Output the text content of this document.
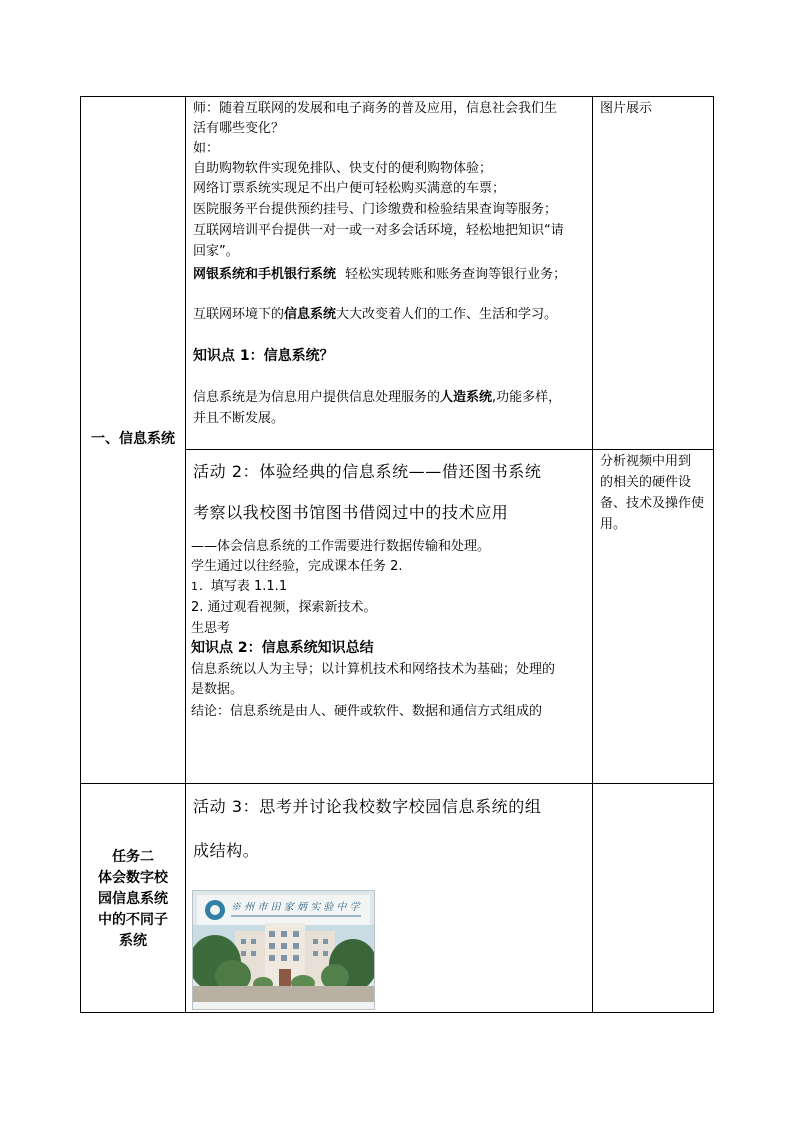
一、信息系统
师：随着互联网的发展和电子商务的普及应用，信息社会我们生
活有哪些变化？
如：
自助购物软件实现免排队、快支付的便利购物体验；
网络订票系统实现足不出户便可轻松购买满意的车票；
医院服务平台提供预约挂号、门诊缴费和检验结果查询等服务；
互联网培训平台提供一对一或一对多会话环境，轻松地把知识“请
回家”。
网银系统和手机银行系统 轻松实现转账和账务查询等银行业务；
互联网环境下的信息系统大大改变着人们的工作、生活和学习。
知识点 1：信息系统？
信息系统是为信息用户提供信息处理服务的人造系统,功能多样，
并且不断发展。
图片展示
活动 2：体验经典的信息系统——借还图书系统
考察以我校图书馆图书借阅过中的技术应用
——体会信息系统的工作需要进行数据传输和处理。
学生通过以往经验，完成课本任务 2.
1. 填写表 1.1.1
2. 通过观看视频，探索新技术。
生思考
知识点 2：信息系统知识总结
信息系统以人为主导；以计算机技术和网络技术为基础；处理的
是数据。
结论：信息系统是由人、硬件或软件、数据和通信方式组成的
分析视频中用到
的相关的硬件设
备、技术及操作使
用。
任务二
体会数字校
园信息系统
中的不同子
系统
活动 3：思考并讨论我校数字校园信息系统的组
成结构。
※ 州 市 田 家 炳 实 验 中 学
